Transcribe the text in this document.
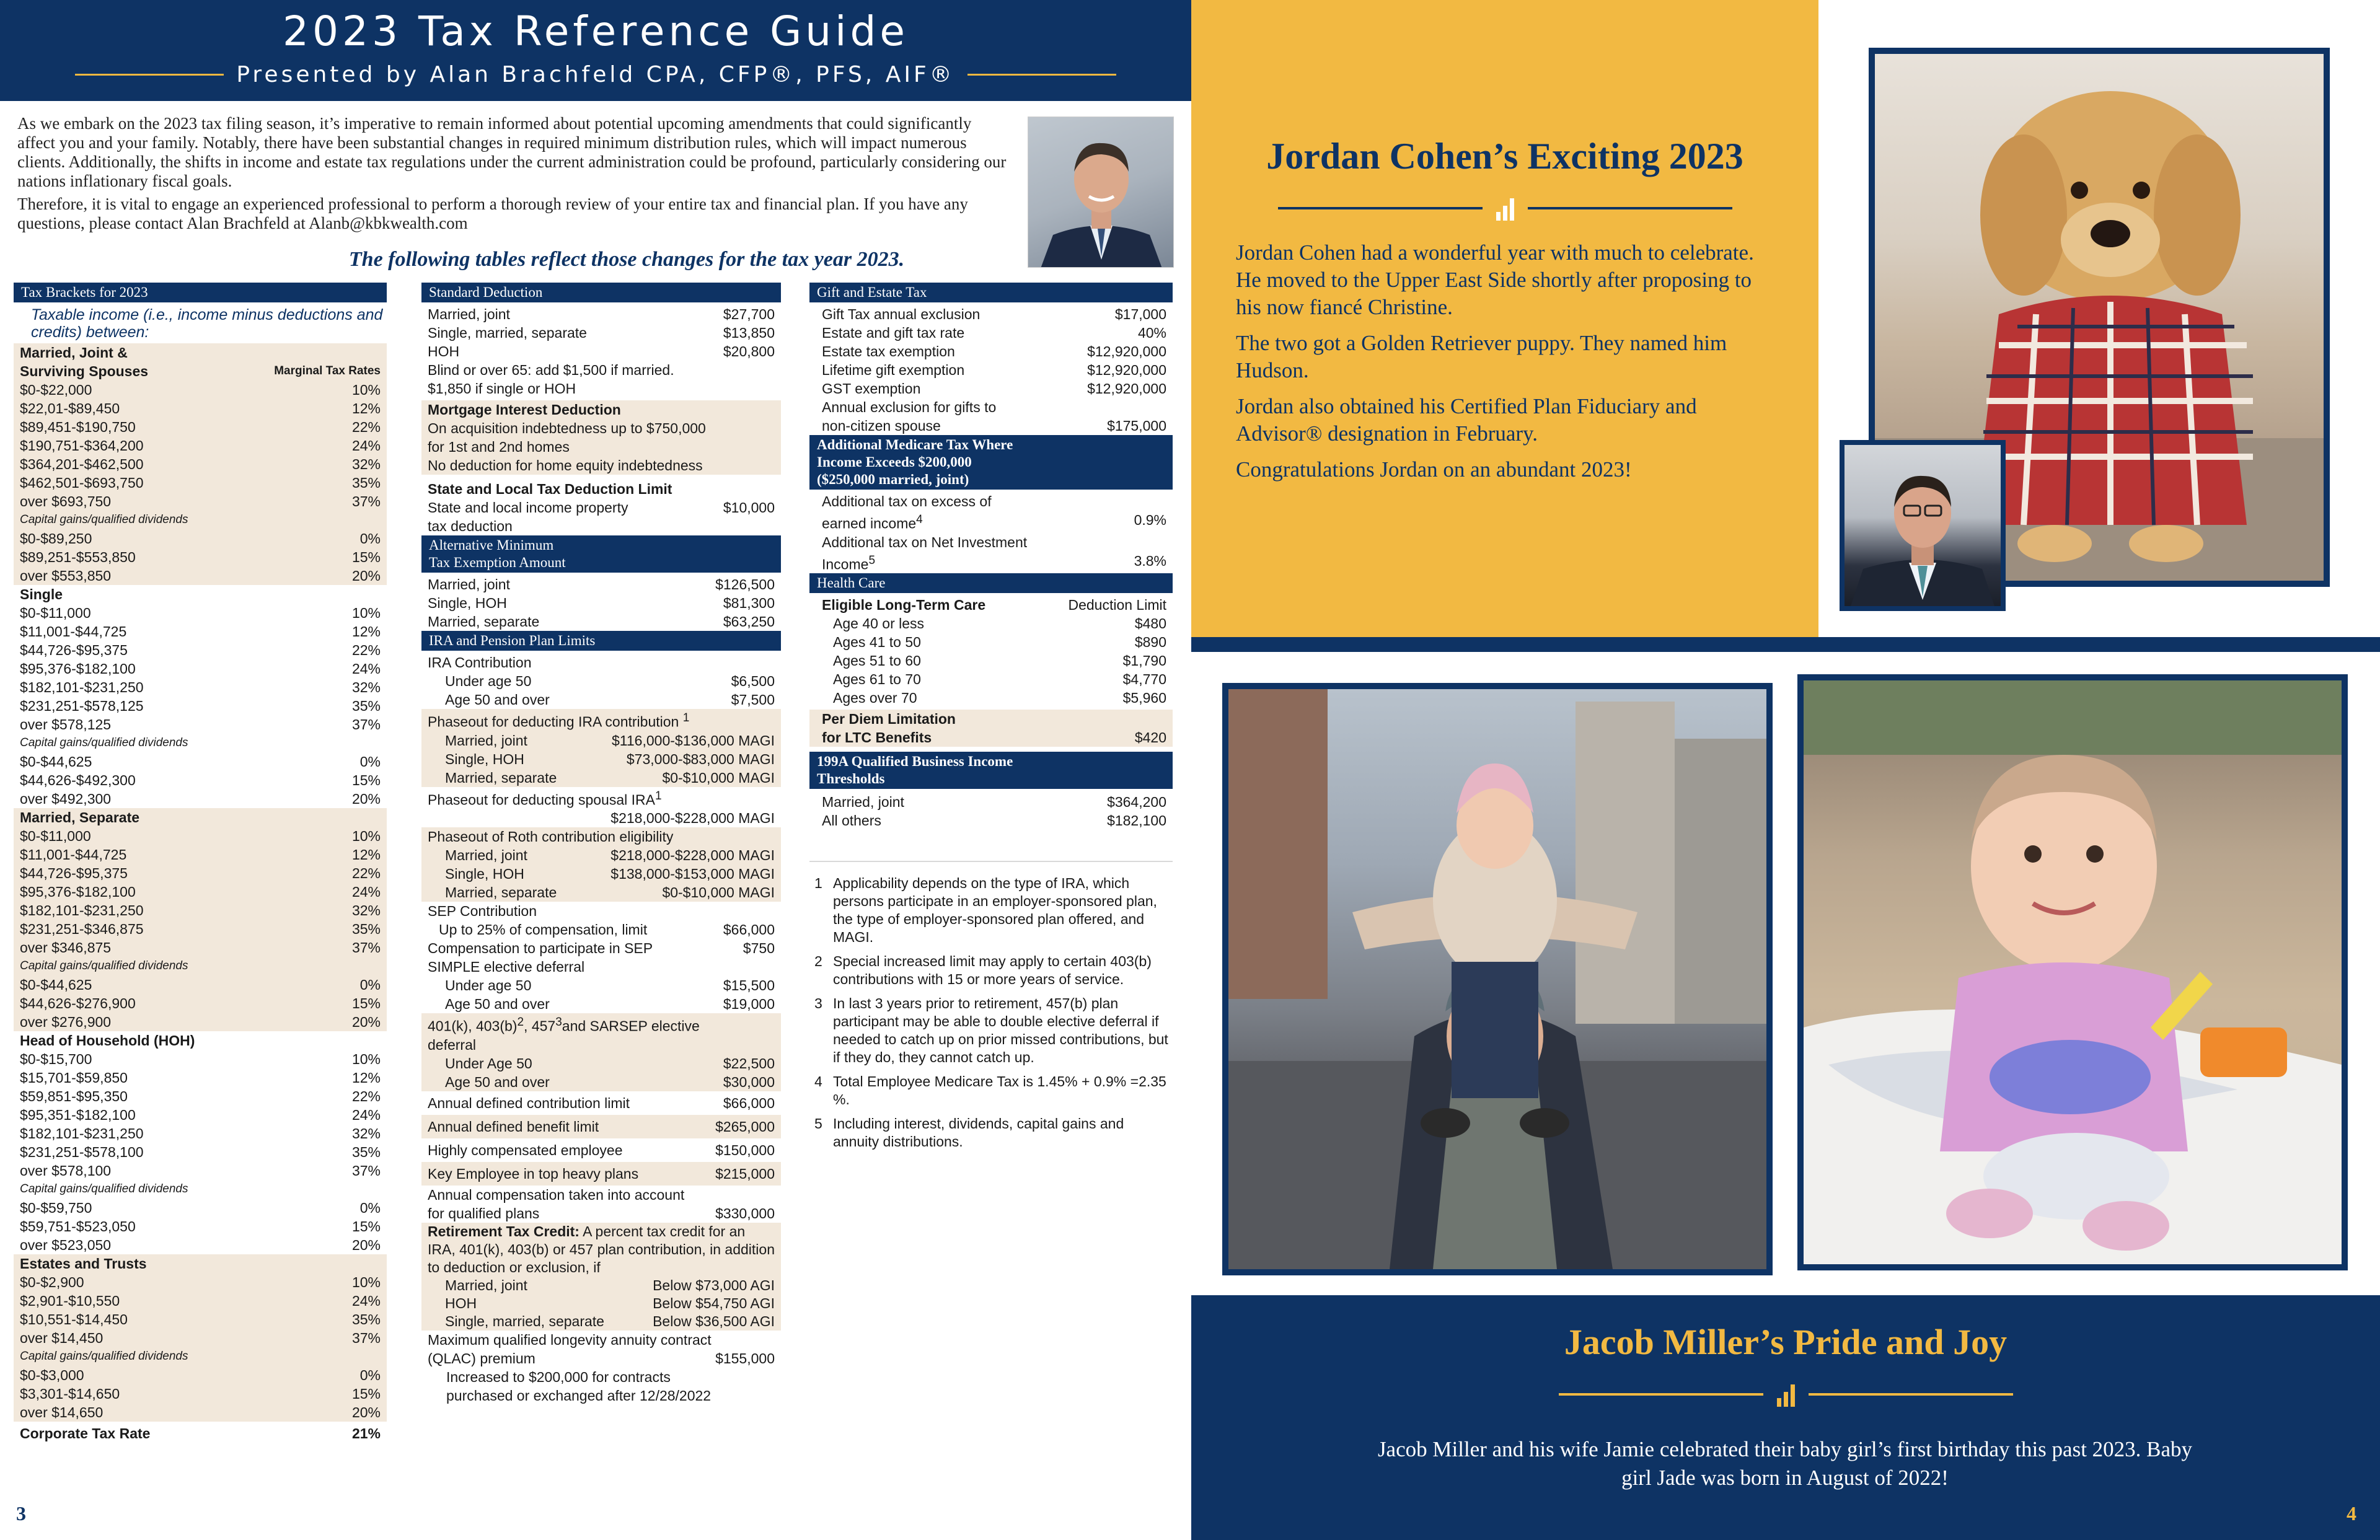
2023 Tax Reference Guide
Presented by Alan Brachfeld CPA, CFP®, PFS, AIF®

As we embark on the 2023 tax filing season, it’s imperative to remain informed about potential upcoming amendments that could significantly affect you and your family. Notably, there have been substantial changes in required minimum distribution rules, which will impact numerous clients. Additionally, the shifts in income and estate tax regulations under the current administration could be profound, particularly considering our nations inflationary fiscal goals.

Therefore, it is vital to engage an experienced professional to perform a thorough review of your entire tax and financial plan. If you have any questions, please contact Alan Brachfeld at Alanb@kbkwealth.com

The following tables reflect those changes for the tax year 2023.
Tax Brackets for 2023
Taxable income (i.e., income minus deductions and credits) between:
Married, Joint &
Surviving Spouses	Marginal Tax Rates
$0-$22,000	10%
$22,01-$89,450	12%
$89,451-$190,750	22%
$190,751-$364,200	24%
$364,201-$462,500	32%
$462,501-$693,750	35%
over $693,750	37%
Capital gains/qualified dividends
$0-$89,250	0%
$89,251-$553,850	15%
over $553,850	20%
Single
$0-$11,000	10%
$11,001-$44,725	12%
$44,726-$95,375	22%
$95,376-$182,100	24%
$182,101-$231,250	32%
$231,251-$578,125	35%
over $578,125	37%
Capital gains/qualified dividends
$0-$44,625	0%
$44,626-$492,300	15%
over $492,300	20%
Married, Separate
$0-$11,000	10%
$11,001-$44,725	12%
$44,726-$95,375	22%
$95,376-$182,100	24%
$182,101-$231,250	32%
$231,251-$346,875	35%
over $346,875	37%
Capital gains/qualified dividends
$0-$44,625	0%
$44,626-$276,900	15%
over $276,900	20%
Head of Household (HOH)
$0-$15,700	10%
$15,701-$59,850	12%
$59,851-$95,350	22%
$95,351-$182,100	24%
$182,101-$231,250	32%
$231,251-$578,100	35%
over $578,100	37%
Capital gains/qualified dividends
$0-$59,750	0%
$59,751-$523,050	15%
over $523,050	20%
Estates and Trusts
$0-$2,900	10%
$2,901-$10,550	24%
$10,551-$14,450	35%
over $14,450	37%
Capital gains/qualified dividends
$0-$3,000	0%
$3,301-$14,650	15%
over $14,650	20%
Corporate Tax Rate	21%
Standard Deduction
Married, joint	$27,700
Single, married, separate	$13,850
HOH	$20,800
Blind or over 65: add $1,500 if married.
$1,850 if single or HOH
Mortgage Interest Deduction
On acquisition indebtedness up to $750,000
for 1st and 2nd homes
No deduction for home equity indebtedness
State and Local Tax Deduction Limit
State and local income property	$10,000
tax deduction
Alternative Minimum
Tax Exemption Amount
Married, joint	$126,500
Single, HOH	$81,300
Married, separate	$63,250
IRA and Pension Plan Limits
IRA Contribution
Under age 50	$6,500
Age 50 and over	$7,500
Phaseout for deducting IRA contribution $^1$
Married, joint	$116,000-$136,000 MAGI
Single, HOH	$73,000-$83,000 MAGI
Married, separate	$0-$10,000 MAGI
Phaseout for deducting spousal IRA$^1$
$218,000-$228,000 MAGI
Phaseout of Roth contribution eligibility
Married, joint	$218,000-$228,000 MAGI
Single, HOH	$138,000-$153,000 MAGI
Married, separate	$0-$10,000 MAGI
SEP Contribution
Up to 25% of compensation, limit	$66,000
Compensation to participate in SEP	$750
SIMPLE elective deferral
Under age 50	$15,500
Age 50 and over	$19,000
401(k), $403(b)^2$, $457^3and$ SARSEP elective
deferral
Under Age 50	$22,500
Age 50 and over	$30,000
Annual defined contribution limit	$66,000
Annual defined benefit limit	$265,000
Highly compensated employee	$150,000
Key Employee in top heavy plans	$215,000
Annual compensation taken into account
for qualified plans	$330,000
Retirement Tax Credit: A percent tax credit for an IRA, 401(k), 403(b) or 457 plan contribution, in addition to deduction or exclusion, if
Married, joint	Below $73,000 AGI
HOH	Below $54,750 AGI
Single, married, separate	Below $36,500 AGI
Maximum qualified longevity annuity contract
(QLAC) premium	$155,000
Increased to $200,000 for contracts
purchased or exchanged after 12/28/2022
Gift and Estate Tax
Gift Tax annual exclusion	$17,000
Estate and gift tax rate	40%
Estate tax exemption	$12,920,000
Lifetime gift exemption	$12,920,000
GST exemption	$12,920,000
Annual exclusion for gifts to
non-citizen spouse	$175,000
Additional Medicare Tax Where
Income Exceeds $200,000
($250,000 married, joint)
Additional tax on excess of
earned income$^4$	0.9%
Additional tax on Net Investment
Income$^5$	3.8%
Health Care
Eligible Long-Term Care	Deduction Limit
Age 40 or less	$480
Ages 41 to 50	$890
Ages 51 to 60	$1,790
Ages 61 to 70	$4,770
Ages over 70	$5,960
Per Diem Limitation
for LTC Benefits	$420
199A Qualified Business Income
Thresholds
Married, joint	$364,200
All others	$182,100
1 Applicability depends on the type of IRA, which persons participate in an employer-sponsored plan, the type of employer-sponsored plan offered, and MAGI.
2 Special increased limit may apply to certain 403(b) contributions with 15 or more years of service.
3 In last 3 years prior to retirement, 457(b) plan participant may be able to double elective deferral if needed to catch up on prior missed contributions, but if they do, they cannot catch up.
4 Total Employee Medicare Tax is 1.45% + 0.9% =2.35 %.
5 Including interest, dividends, capital gains and annuity distributions.
3
Jordan Cohen’s Exciting 2023

Jordan Cohen had a wonderful year with much to celebrate. He moved to the Upper East Side shortly after proposing to his now fiancé Christine.

The two got a Golden Retriever puppy. They named him Hudson.

Jordan also obtained his Certified Plan Fiduciary and Advisor® designation in February.

Congratulations Jordan on an abundant 2023!

Jacob Miller’s Pride and Joy
Jacob Miller and his wife Jamie celebrated their baby girl’s first birthday this past 2023. Baby girl Jade was born in August of 2022!
4
